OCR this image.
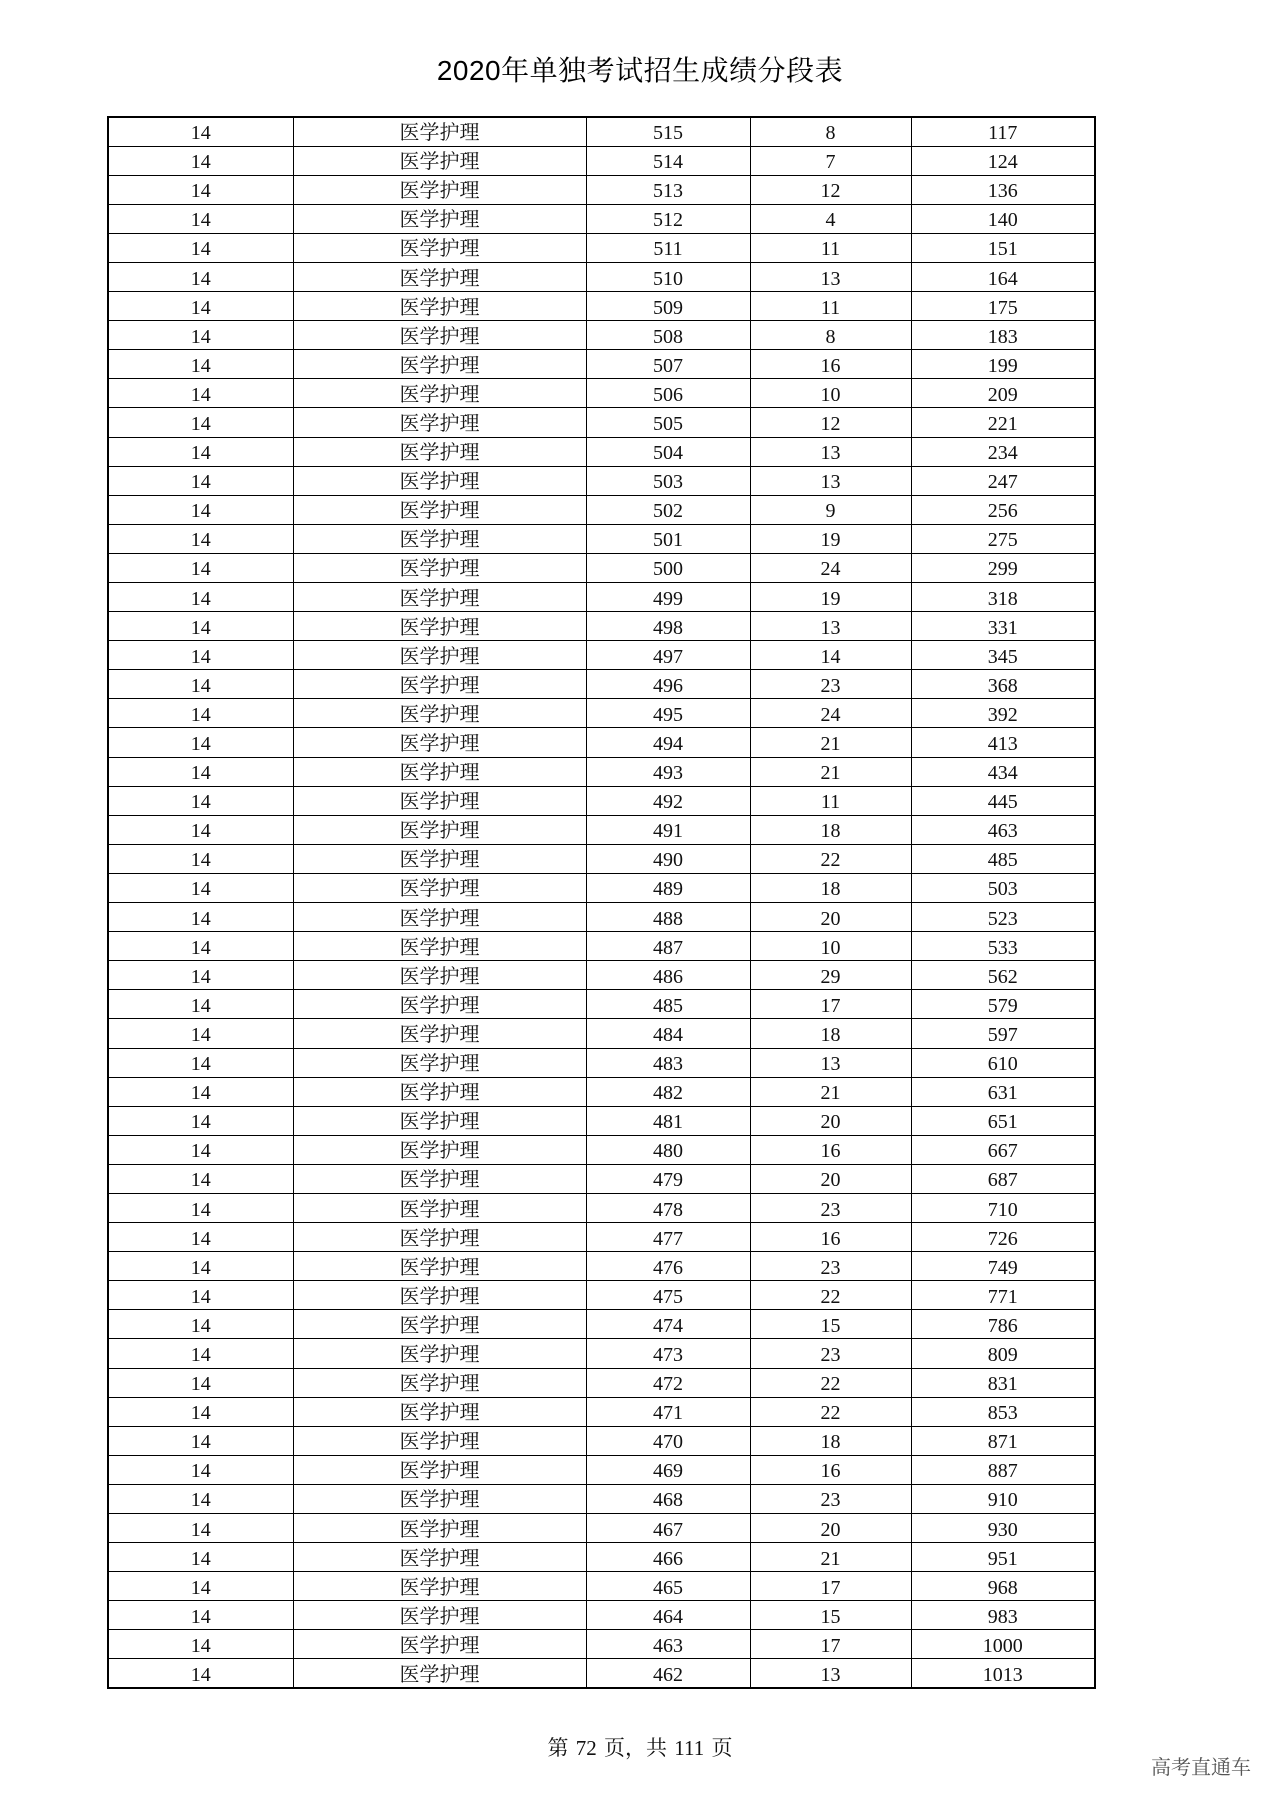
2020年单独考试招生成绩分段表
14	医学护理	515	8	117
14	医学护理	514	7	124
14	医学护理	513	12	136
14	医学护理	512	4	140
14	医学护理	511	11	151
14	医学护理	510	13	164
14	医学护理	509	11	175
14	医学护理	508	8	183
14	医学护理	507	16	199
14	医学护理	506	10	209
14	医学护理	505	12	221
14	医学护理	504	13	234
14	医学护理	503	13	247
14	医学护理	502	9	256
14	医学护理	501	19	275
14	医学护理	500	24	299
14	医学护理	499	19	318
14	医学护理	498	13	331
14	医学护理	497	14	345
14	医学护理	496	23	368
14	医学护理	495	24	392
14	医学护理	494	21	413
14	医学护理	493	21	434
14	医学护理	492	11	445
14	医学护理	491	18	463
14	医学护理	490	22	485
14	医学护理	489	18	503
14	医学护理	488	20	523
14	医学护理	487	10	533
14	医学护理	486	29	562
14	医学护理	485	17	579
14	医学护理	484	18	597
14	医学护理	483	13	610
14	医学护理	482	21	631
14	医学护理	481	20	651
14	医学护理	480	16	667
14	医学护理	479	20	687
14	医学护理	478	23	710
14	医学护理	477	16	726
14	医学护理	476	23	749
14	医学护理	475	22	771
14	医学护理	474	15	786
14	医学护理	473	23	809
14	医学护理	472	22	831
14	医学护理	471	22	853
14	医学护理	470	18	871
14	医学护理	469	16	887
14	医学护理	468	23	910
14	医学护理	467	20	930
14	医学护理	466	21	951
14	医学护理	465	17	968
14	医学护理	464	15	983
14	医学护理	463	17	1000
14	医学护理	462	13	1013
第 72 页，共 111 页
高考直通车
